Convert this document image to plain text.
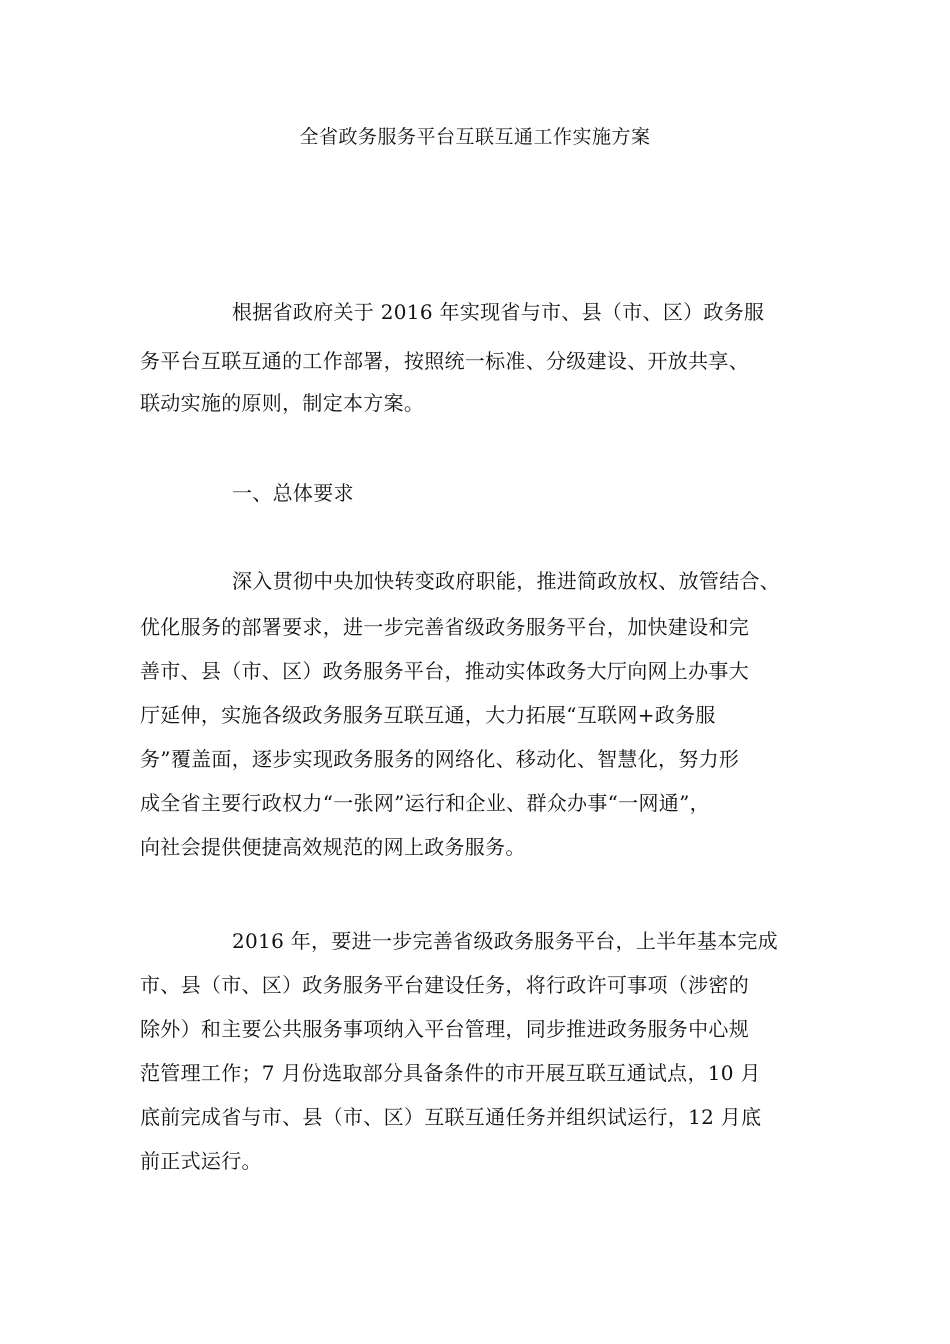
全省政务服务平台互联互通工作实施方案
根据省政府关于 2016 年实现省与市、县（市、区）政务服
务平台互联互通的工作部署，按照统一标准、分级建设、开放共享、
联动实施的原则，制定本方案。
一、总体要求
深入贯彻中央加快转变政府职能，推进简政放权、放管结合、
优化服务的部署要求，进一步完善省级政务服务平台，加快建设和完
善市、县（市、区）政务服务平台，推动实体政务大厅向网上办事大
厅延伸，实施各级政务服务互联互通，大力拓展“互联网+政务服
务”覆盖面，逐步实现政务服务的网络化、移动化、智慧化，努力形
成全省主要行政权力“一张网”运行和企业、群众办事“一网通”，
向社会提供便捷高效规范的网上政务服务。
2016 年，要进一步完善省级政务服务平台，上半年基本完成
市、县（市、区）政务服务平台建设任务，将行政许可事项（涉密的
除外）和主要公共服务事项纳入平台管理，同步推进政务服务中心规
范管理工作；7 月份选取部分具备条件的市开展互联互通试点，10 月
底前完成省与市、县（市、区）互联互通任务并组织试运行，12 月底
前正式运行。
